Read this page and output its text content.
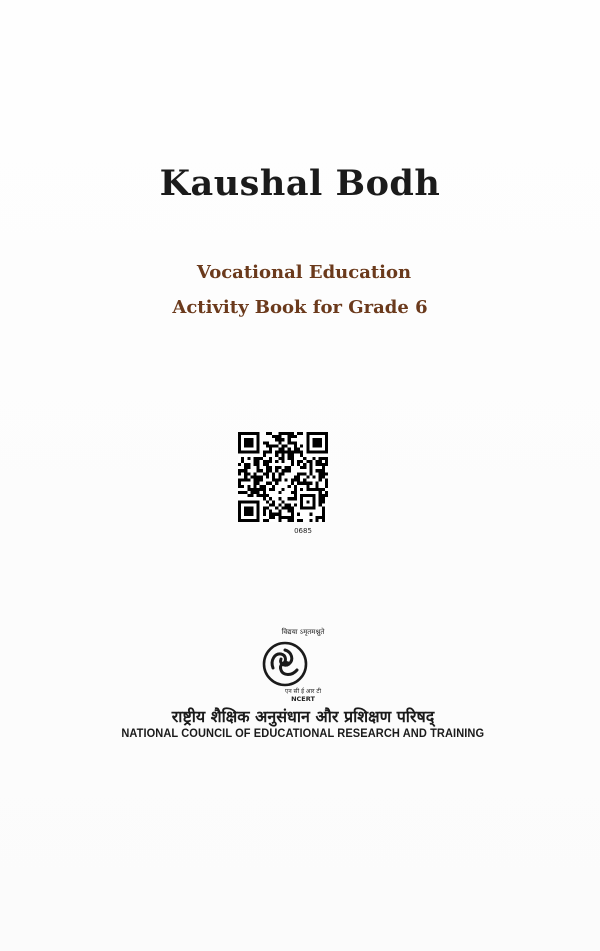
Kaushal Bodh
Vocational Education
Activity Book for Grade 6
0685
विद्यया ऽमृतमश्नुते
एन सी ई आर टी
NCERT
राष्ट्रीय शैक्षिक अनुसंधान और प्रशिक्षण परिषद्
NATIONAL COUNCIL OF EDUCATIONAL RESEARCH AND TRAINING
